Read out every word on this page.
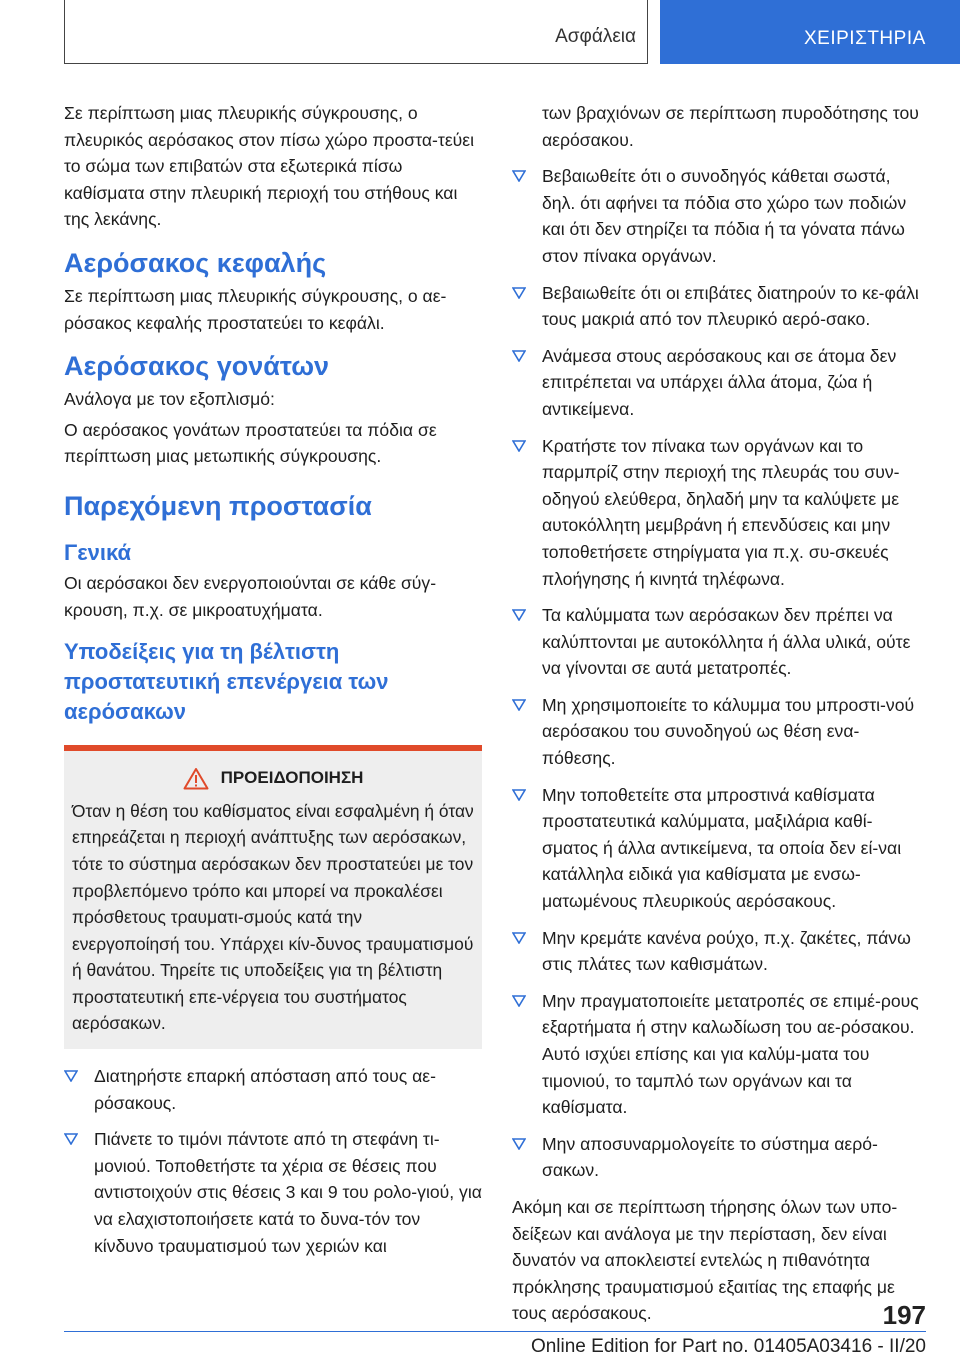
Ασφάλεια	ΧΕΙΡΙΣΤΗΡΙΑ

Σε περίπτωση μιας πλευρικής σύγκρουσης, ο πλευρικός αερόσακος στον πίσω χώρο προστα‐τεύει το σώμα των επιβατών στα εξωτερικά πίσω καθίσματα στην πλευρική περιοχή του στήθους και της λεκάνης.

Αερόσακος κεφαλής

Σε περίπτωση μιας πλευρικής σύγκρουσης, ο αε‐ρόσακος κεφαλής προστατεύει το κεφάλι.

Αερόσακος γονάτων

Ανάλογα με τον εξοπλισμό:

Ο αερόσακος γονάτων προστατεύει τα πόδια σε περίπτωση μιας μετωπικής σύγκρουσης.

Παρεχόμενη προστασία
Γενικά

Οι αερόσακοι δεν ενεργοποιούνται σε κάθε σύγ‐κρουση, π.χ. σε μικροατυχήματα.

Υποδείξεις για τη βέλτιστη προστατευτική επενέργεια των αερόσακων
ΠΡΟΕΙΔΟΠΟΙΗΣΗ
Όταν η θέση του καθίσματος είναι εσφαλμένη ή όταν επηρεάζεται η περιοχή ανάπτυξης των αερόσακων, τότε το σύστημα αερόσακων δεν προστατεύει με τον προβλεπόμενο τρόπο και μπορεί να προκαλέσει πρόσθετους τραυματι‐σμούς κατά την ενεργοποίησή του. Υπάρχει κίν‐δυνος τραυματισμού ή θανάτου. Τηρείτε τις υποδείξεις για τη βέλτιστη προστατευτική επε‐νέργεια του συστήματος αερόσακων.
Διατηρήστε επαρκή απόσταση από τους αε‐ρόσακους.
Πιάνετε το τιμόνι πάντοτε από τη στεφάνη τι‐μονιού. Τοποθετήστε τα χέρια σε θέσεις που αντιστοιχούν στις θέσεις 3 και 9 του ρολο‐γιού, για να ελαχιστοποιήσετε κατά το δυνα‐τόν τον κίνδυνο τραυματισμού των χεριών και

των βραχιόνων σε περίπτωση πυροδότησης του αερόσακου.

Βεβαιωθείτε ότι ο συνοδηγός κάθεται σωστά, δηλ. ότι αφήνει τα πόδια στο χώρο των ποδιών και ότι δεν στηρίζει τα πόδια ή τα γόνατα πάνω στον πίνακα οργάνων.
Βεβαιωθείτε ότι οι επιβάτες διατηρούν το κε‐φάλι τους μακριά από τον πλευρικό αερό‐σακο.
Ανάμεσα στους αερόσακους και σε άτομα δεν επιτρέπεται να υπάρχει άλλα άτομα, ζώα ή αντικείμενα.
Κρατήστε τον πίνακα των οργάνων και το παρμπρίζ στην περιοχή της πλευράς του συν‐οδηγού ελεύθερα, δηλαδή μην τα καλύψετε με αυτοκόλλητη μεμβράνη ή επενδύσεις και μην τοποθετήσετε στηρίγματα για π.χ. συ‐σκευές πλοήγησης ή κινητά τηλέφωνα.
Τα καλύμματα των αερόσακων δεν πρέπει να καλύπτονται με αυτοκόλλητα ή άλλα υλικά, ούτε να γίνονται σε αυτά μετατροπές.
Μη χρησιμοποιείτε το κάλυμμα του μπροστι‐νού αερόσακου του συνοδηγού ως θέση ενα‐πόθεσης.
Μην τοποθετείτε στα μπροστινά καθίσματα προστατευτικά καλύμματα, μαξιλάρια καθί‐σματος ή άλλα αντικείμενα, τα οποία δεν εί‐ναι κατάλληλα ειδικά για καθίσματα με ενσω‐ματωμένους πλευρικούς αερόσακους.
Μην κρεμάτε κανένα ρούχο, π.χ. ζακέτες, πάνω στις πλάτες των καθισμάτων.
Μην πραγματοποιείτε μετατροπές σε επιμέ‐ρους εξαρτήματα ή στην καλωδίωση του αε‐ρόσακου. Αυτό ισχύει επίσης και για καλύμ‐ματα του τιμονιού, το ταμπλό των οργάνων και τα καθίσματα.
Μην αποσυναρμολογείτε το σύστημα αερό‐σακων.

Ακόμη και σε περίπτωση τήρησης όλων των υπο‐δείξεων και ανάλογα με την περίσταση, δεν είναι δυνατόν να αποκλειστεί εντελώς η πιθανότητα πρόκλησης τραυματισμού εξαιτίας της επαφής με τους αερόσακους.	197
Online Edition for Part no. 01405A03416 - II/20
